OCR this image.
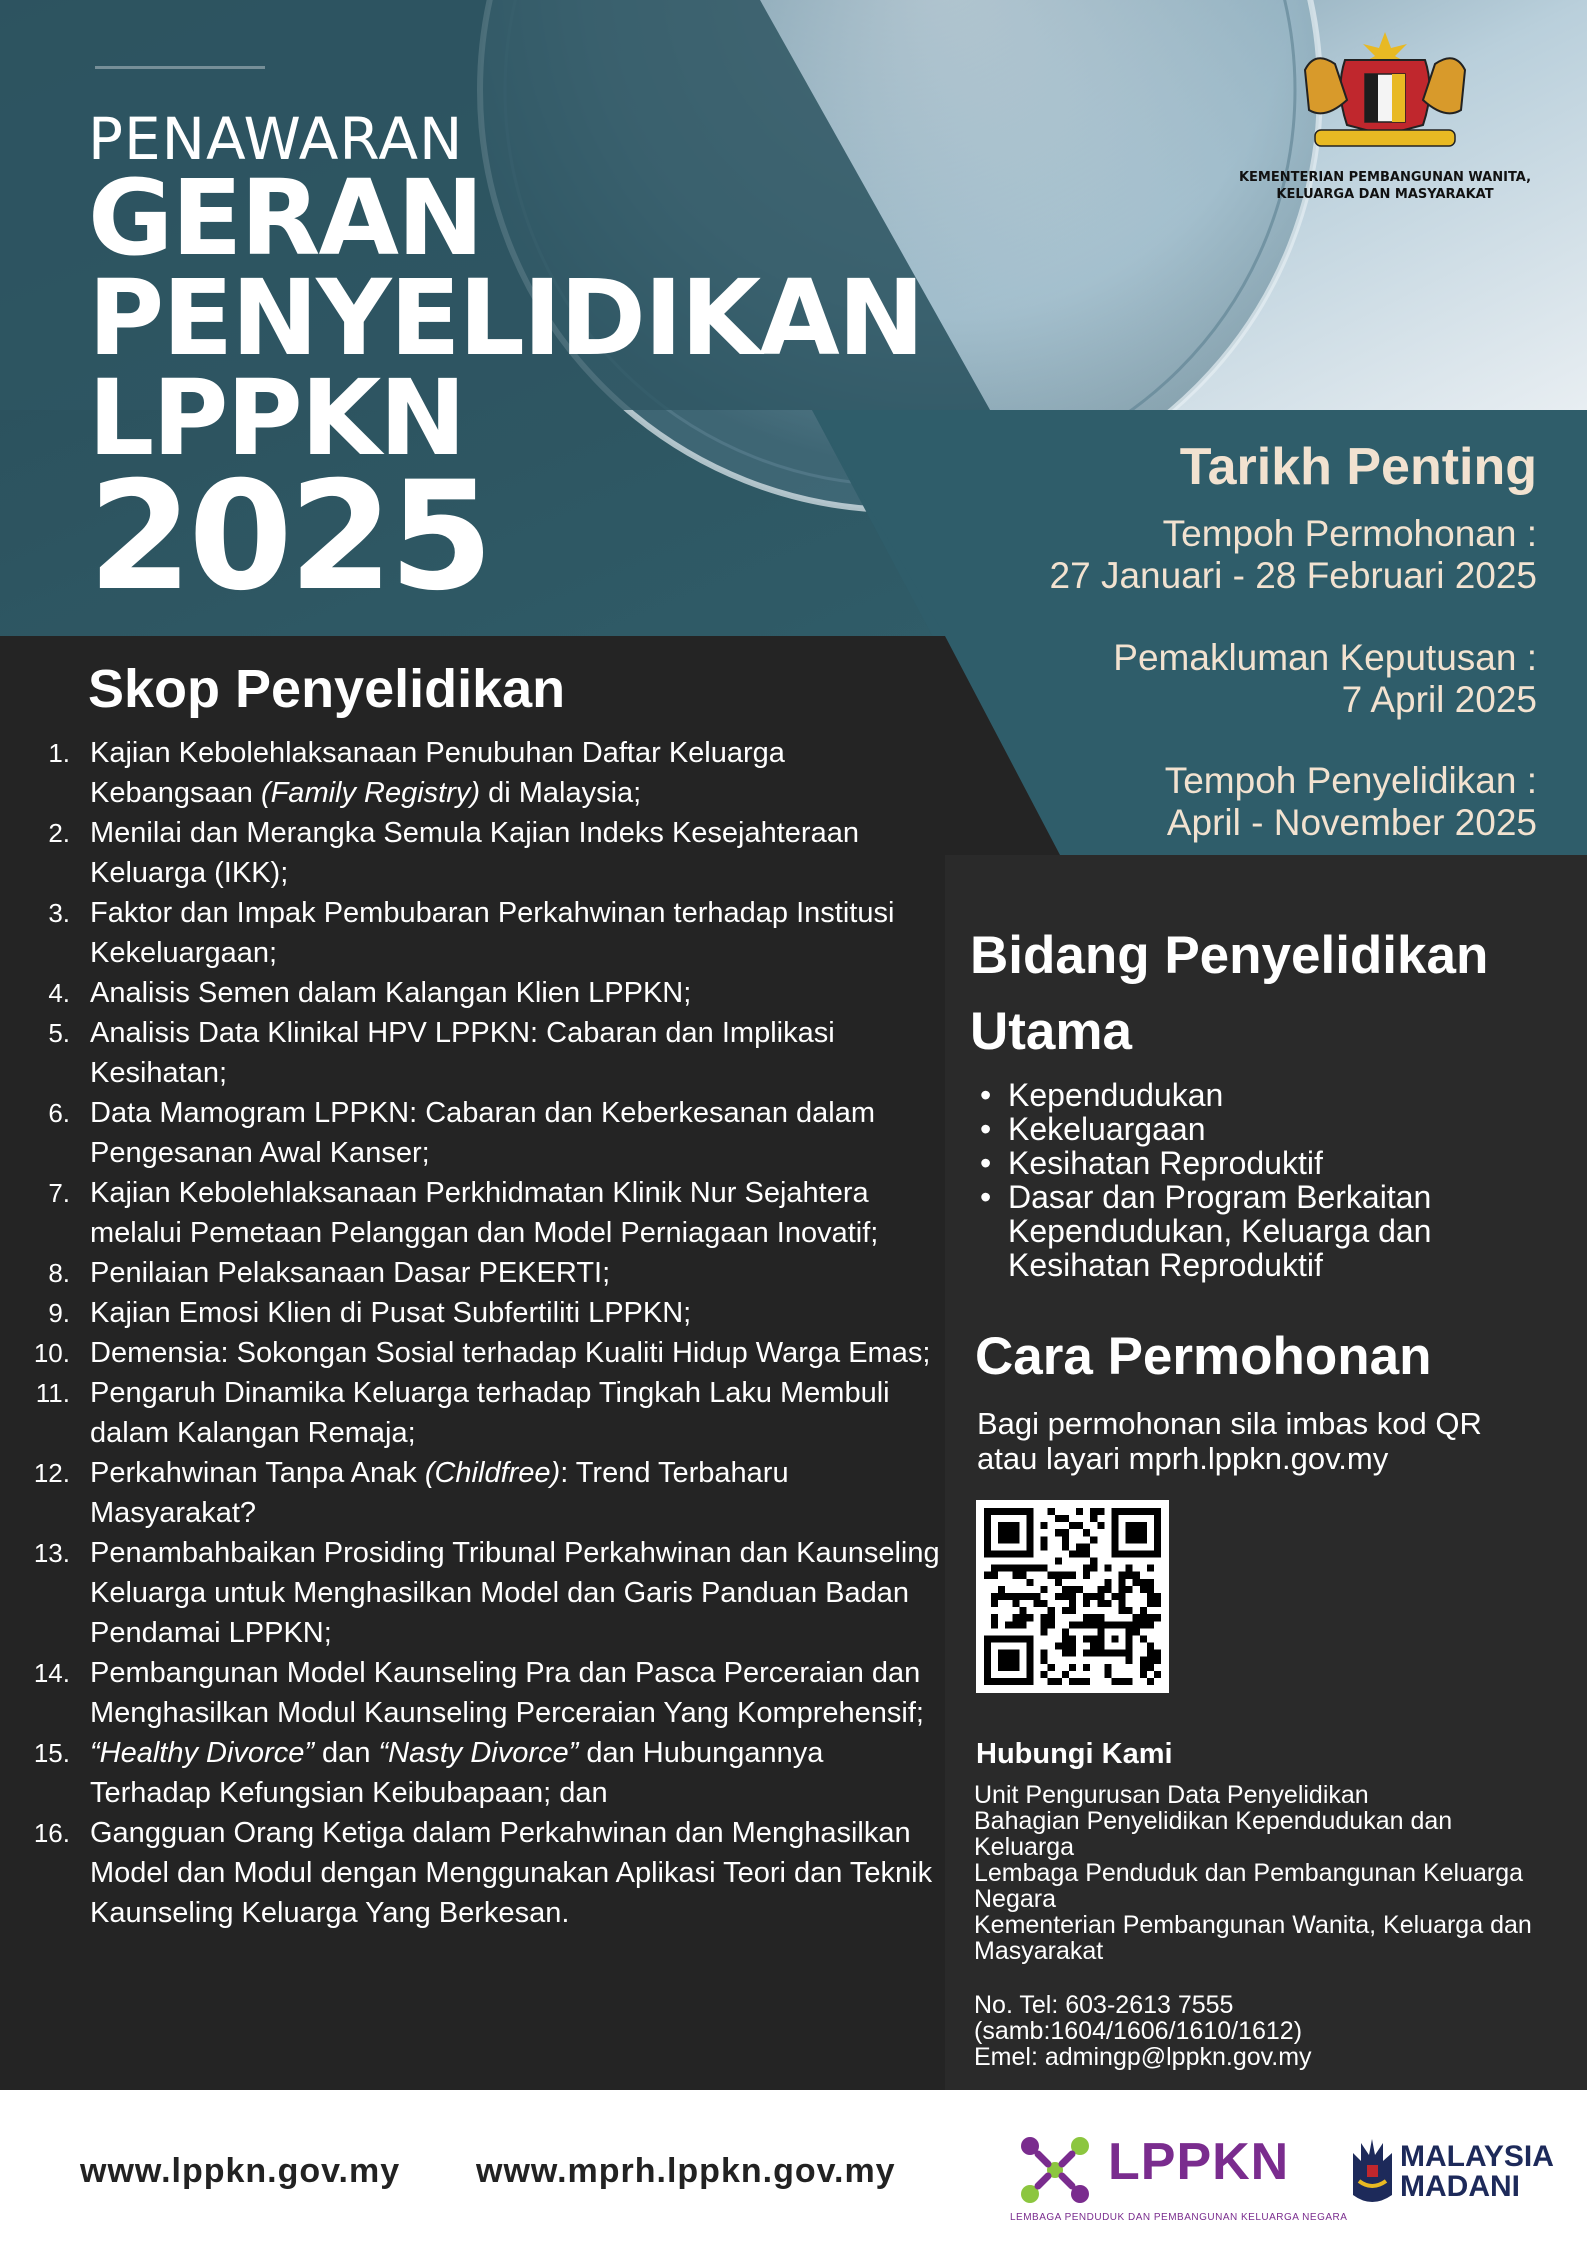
PENAWARAN
GERAN
PENYELIDIKAN
LPPKN
2025
KEMENTERIAN PEMBANGUNAN WANITA,
KELUARGA DAN MASYARAKAT
Tarikh Penting
Tempoh Permohonan :
27 Januari - 28 Februari 2025
Pemakluman Keputusan :
7 April 2025
Tempoh Penyelidikan :
April - November 2025
Skop Penyelidikan
1. Kajian Kebolehlaksanaan Penubuhan Daftar Keluarga Kebangsaan (Family Registry) di Malaysia;
2. Menilai dan Merangka Semula Kajian Indeks Kesejahteraan Keluarga (IKK);
3. Faktor dan Impak Pembubaran Perkahwinan terhadap Institusi Kekeluargaan;
4. Analisis Semen dalam Kalangan Klien LPPKN;
5. Analisis Data Klinikal HPV LPPKN: Cabaran dan Implikasi Kesihatan;
6. Data Mamogram LPPKN: Cabaran dan Keberkesanan dalam Pengesanan Awal Kanser;
7. Kajian Kebolehlaksanaan Perkhidmatan Klinik Nur Sejahtera melalui Pemetaan Pelanggan dan Model Perniagaan Inovatif;
8. Penilaian Pelaksanaan Dasar PEKERTI;
9. Kajian Emosi Klien di Pusat Subfertiliti LPPKN;
10. Demensia: Sokongan Sosial terhadap Kualiti Hidup Warga Emas;
11. Pengaruh Dinamika Keluarga terhadap Tingkah Laku Membuli dalam Kalangan Remaja;
12. Perkahwinan Tanpa Anak (Childfree): Trend Terbaharu Masyarakat?
13. Penambahbaikan Prosiding Tribunal Perkahwinan dan Kaunseling Keluarga untuk Menghasilkan Model dan Garis Panduan Badan Pendamai LPPKN;
14. Pembangunan Model Kaunseling Pra dan Pasca Perceraian dan Menghasilkan Modul Kaunseling Perceraian Yang Komprehensif;
15. “Healthy Divorce” dan “Nasty Divorce” dan Hubungannya Terhadap Kefungsian Keibubapaan; dan
16. Gangguan Orang Ketiga dalam Perkahwinan dan Menghasilkan Model dan Modul dengan Menggunakan Aplikasi Teori dan Teknik Kaunseling Keluarga Yang Berkesan.
Bidang Penyelidikan Utama
• Kependudukan
• Kekeluargaan
• Kesihatan Reproduktif
• Dasar dan Program Berkaitan Kependudukan, Keluarga dan Kesihatan Reproduktif
Cara Permohonan
Bagi permohonan sila imbas kod QR atau layari mprh.lppkn.gov.my
Hubungi Kami
Unit Pengurusan Data Penyelidikan
Bahagian Penyelidikan Kependudukan dan Keluarga
Lembaga Penduduk dan Pembangunan Keluarga Negara
Kementerian Pembangunan Wanita, Keluarga dan Masyarakat
No. Tel: 603-2613 7555
(samb:1604/1606/1610/1612)
Emel: admingp@lppkn.gov.my
www.lppkn.gov.my www.mprh.lppkn.gov.my	LPPKN
LEMBAGA PENDUDUK DAN PEMBANGUNAN KELUARGA NEGARA
MALAYSIA
MADANI
